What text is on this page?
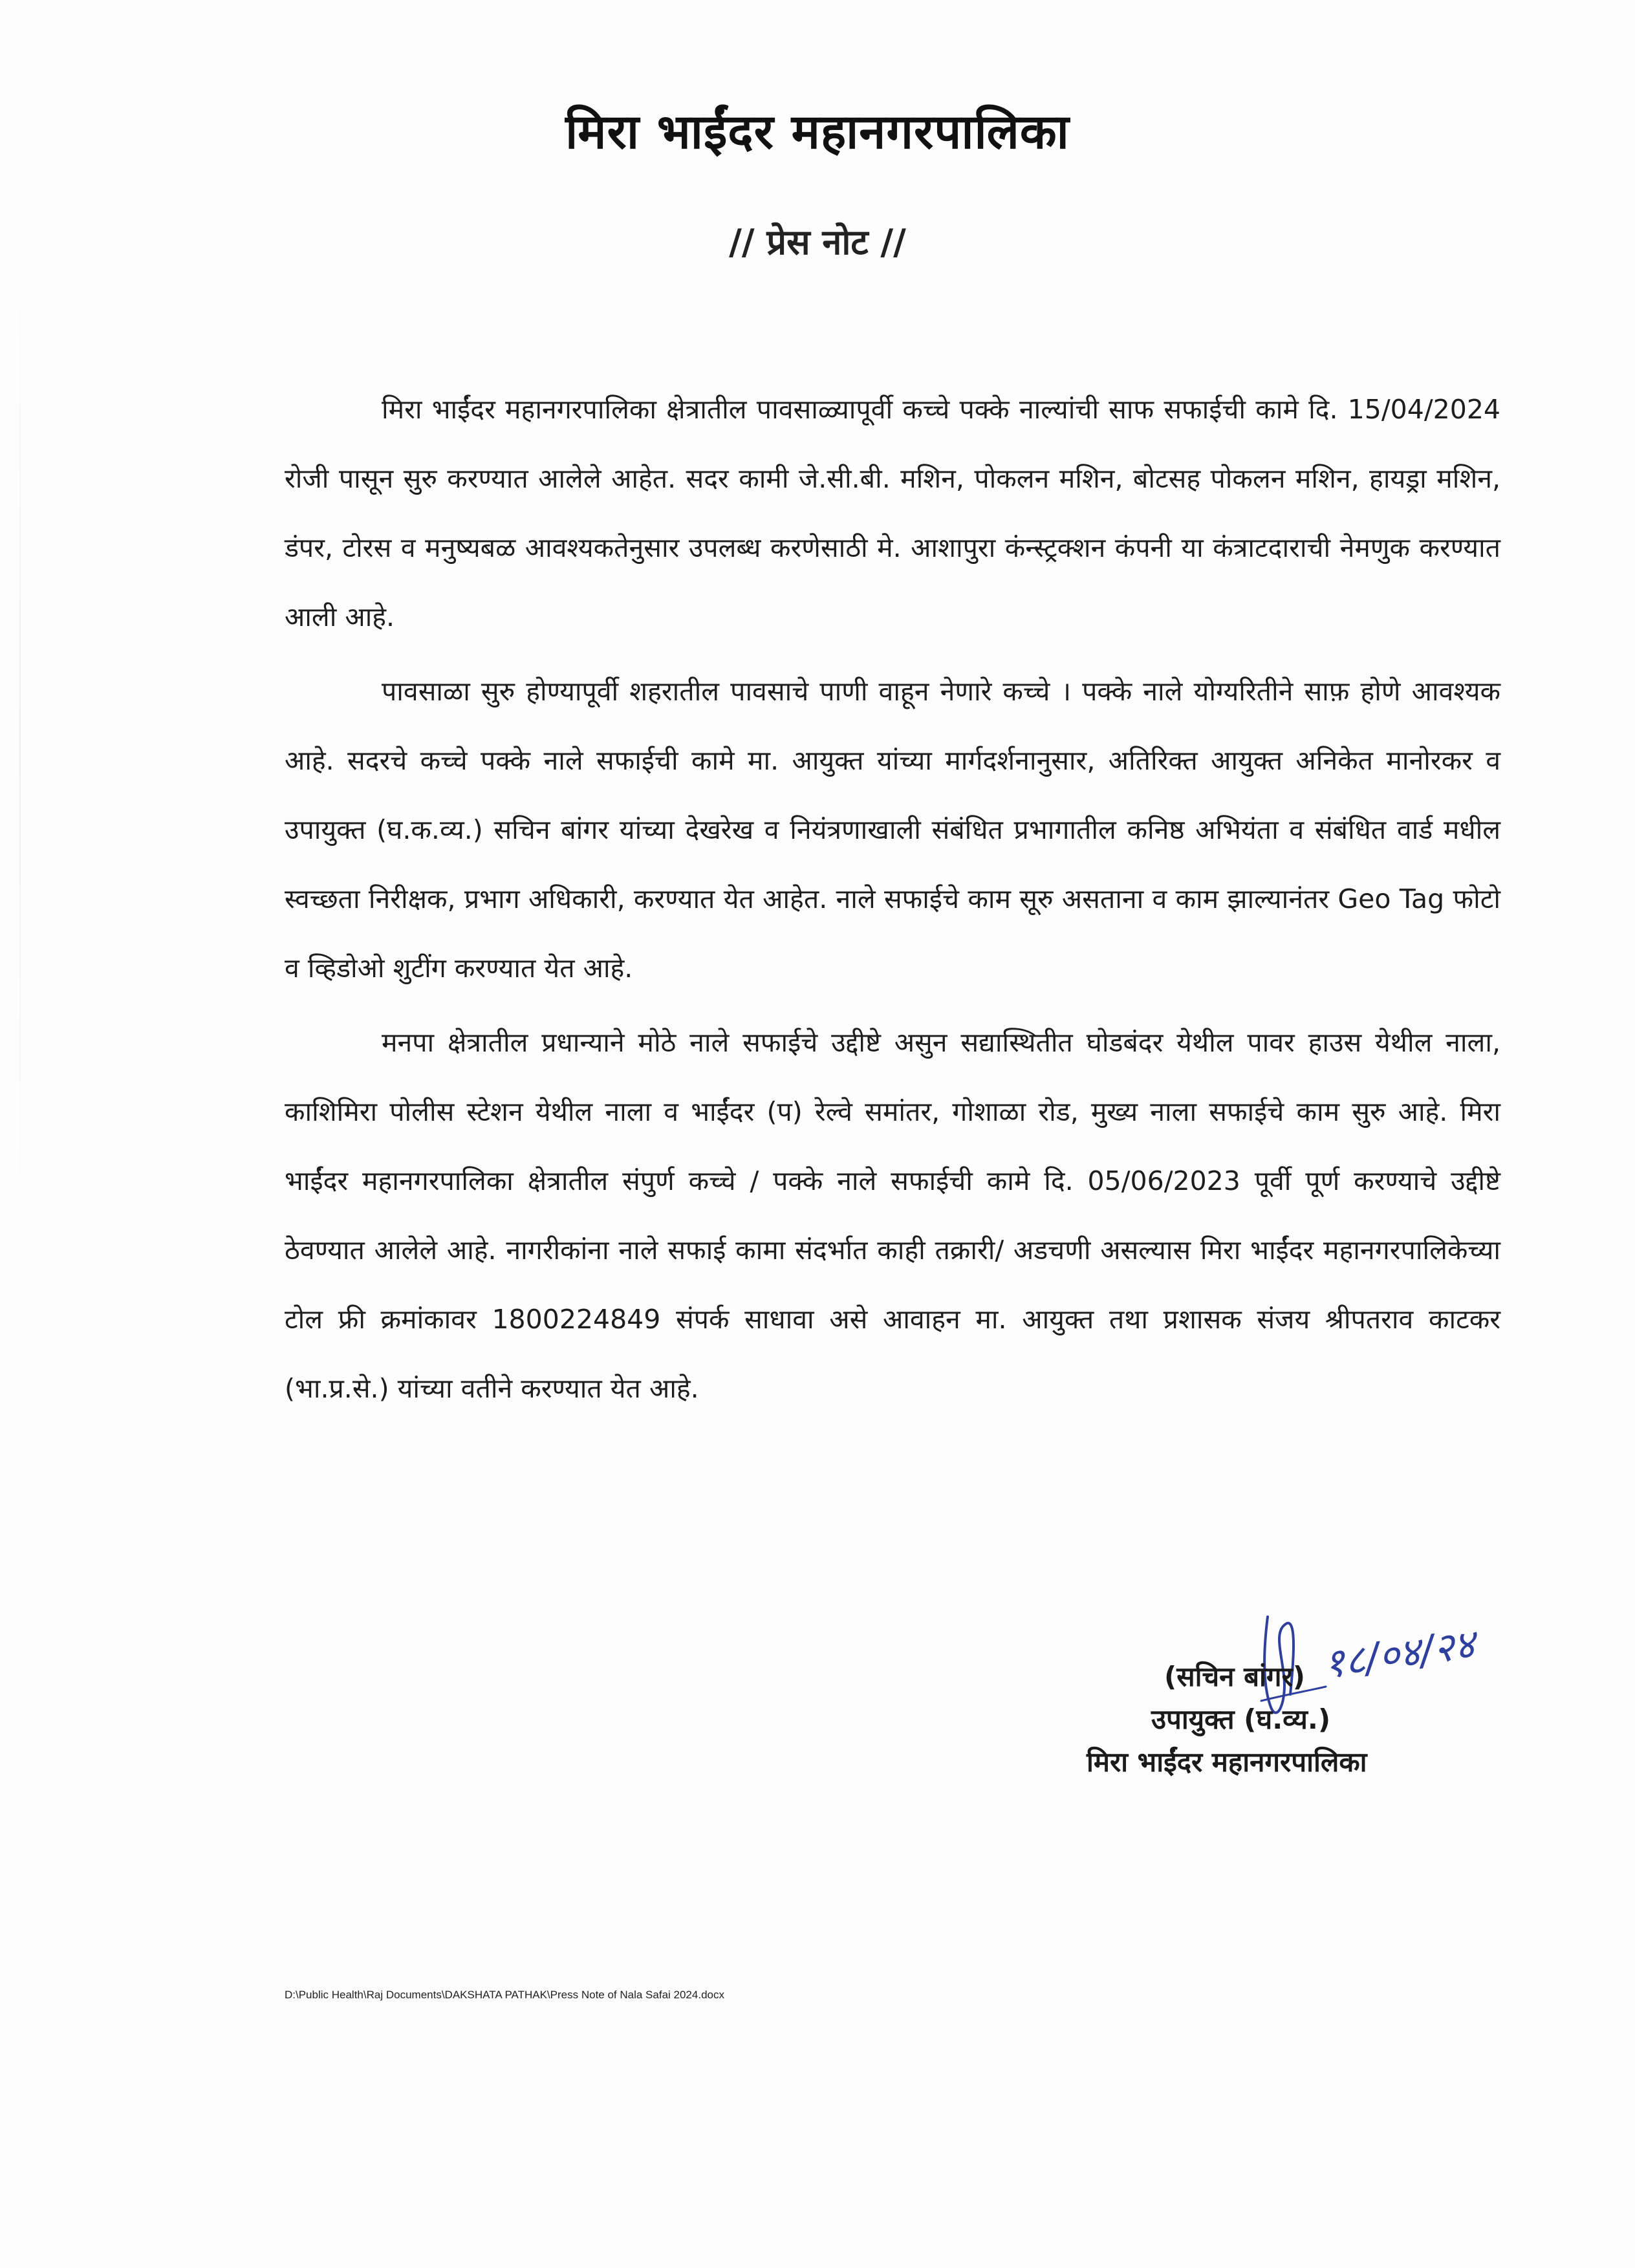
मिरा भाईंदर महानगरपालिका
// प्रेस नोट //

मिरा भाईंदर महानगरपालिका क्षेत्रातील पावसाळ्यापूर्वी कच्चे पक्के नाल्यांची साफ सफाईची कामे दि. 15/04/2024 रोजी पासून सुरु करण्यात आलेले आहेत. सदर कामी जे.सी.बी. मशिन, पोकलन मशिन, बोटसह पोकलन मशिन, हायड्रा मशिन, डंपर, टोरस व मनुष्यबळ आवश्यकतेनुसार उपलब्ध करणेसाठी मे. आशापुरा कंन्स्ट्रक्शन कंपनी या कंत्राटदाराची नेमणुक करण्यात आली आहे.

पावसाळा सुरु होण्यापूर्वी शहरातील पावसाचे पाणी वाहून नेणारे कच्चे । पक्के नाले योग्यरितीने साफ़ होणे आवश्यक आहे. सदरचे कच्चे पक्के नाले सफाईची कामे मा. आयुक्त यांच्या मार्गदर्शनानुसार, अतिरिक्त आयुक्त अनिकेत मानोरकर व उपायुक्त (घ.क.व्य.) सचिन बांगर यांच्या देखरेख व नियंत्रणाखाली संबंधित प्रभागातील कनिष्ठ अभियंता व संबंधित वार्ड मधील स्वच्छता निरीक्षक, प्रभाग अधिकारी, करण्यात येत आहेत. नाले सफाईचे काम सूरु असताना व काम झाल्यानंतर Geo Tag फोटो व व्हिडोओ शुटींग करण्यात येत आहे.

मनपा क्षेत्रातील प्रधान्याने मोठे नाले सफाईचे उद्दीष्टे असुन सद्यास्थितीत घोडबंदर येथील पावर हाउस येथील नाला, काशिमिरा पोलीस स्टेशन येथील नाला व भाईंदर (प) रेल्वे समांतर, गोशाळा रोड, मुख्य नाला सफाईचे काम सुरु आहे. मिरा भाईंदर महानगरपालिका क्षेत्रातील संपुर्ण कच्चे / पक्के नाले सफाईची कामे दि. 05/06/2023 पूर्वी पूर्ण करण्याचे उद्दीष्टे ठेवण्यात आलेले आहे. नागरीकांना नाले सफाई कामा संदर्भात काही तक्रारी/ अडचणी असल्यास मिरा भाईंदर महानगरपालिकेच्या टोल फ्री क्रमांकावर 1800224849 संपर्क साधावा असे आवाहन मा. आयुक्त तथा प्रशासक संजय श्रीपतराव काटकर (भा.प्र.से.) यांच्या वतीने करण्यात येत आहे.

१८/०४/२४
(सचिन बांगर)
उपायुक्त (घ.व्य.)
मिरा भाईंदर महानगरपालिका
D:\Public Health\Raj Documents\DAKSHATA PATHAK\Press Note of Nala Safai 2024.docx
